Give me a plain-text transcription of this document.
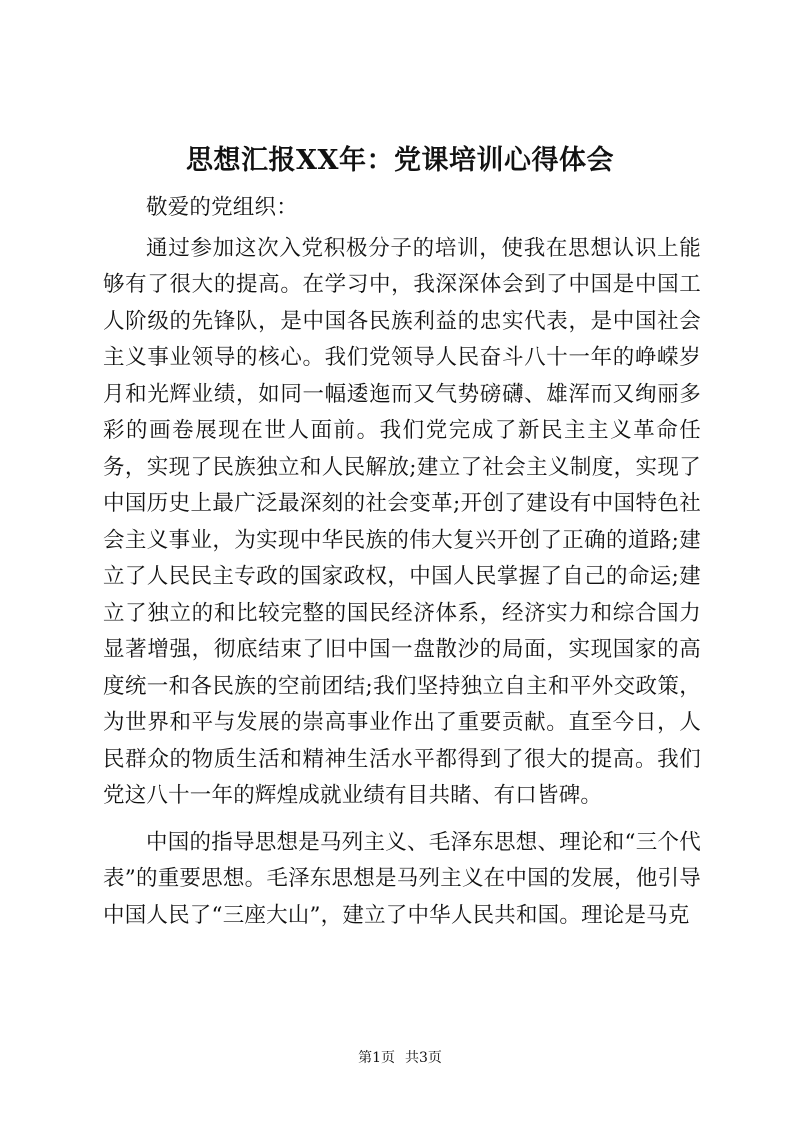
思想汇报XX年：党课培训心得体会

敬爱的党组织：

通过参加这次入党积极分子的培训，使我在思想认识上能够有了很大的提高。在学习中，我深深体会到了中国是中国工人阶级的先锋队，是中国各民族利益的忠实代表，是中国社会主义事业领导的核心。我们党领导人民奋斗八十一年的峥嵘岁月和光辉业绩，如同一幅逶迤而又气势磅礴、雄浑而又绚丽多彩的画卷展现在世人面前。我们党完成了新民主主义革命任务，实现了民族独立和人民解放;建立了社会主义制度，实现了中国历史上最广泛最深刻的社会变革;开创了建设有中国特色社会主义事业，为实现中华民族的伟大复兴开创了正确的道路;建立了人民民主专政的国家政权，中国人民掌握了自己的命运;建立了独立的和比较完整的国民经济体系，经济实力和综合国力显著增强，彻底结束了旧中国一盘散沙的局面，实现国家的高度统一和各民族的空前团结;我们坚持独立自主和平外交政策，为世界和平与发展的崇高事业作出了重要贡献。直至今日，人民群众的物质生活和精神生活水平都得到了很大的提高。我们党这八十一年的辉煌成就业绩有目共睹、有口皆碑。

中国的指导思想是马列主义、毛泽东思想、理论和“三个代表”的重要思想。毛泽东思想是马列主义在中国的发展，他引导中国人民了“三座大山”，建立了中华人民共和国。理论是马克

第1页 共3页
